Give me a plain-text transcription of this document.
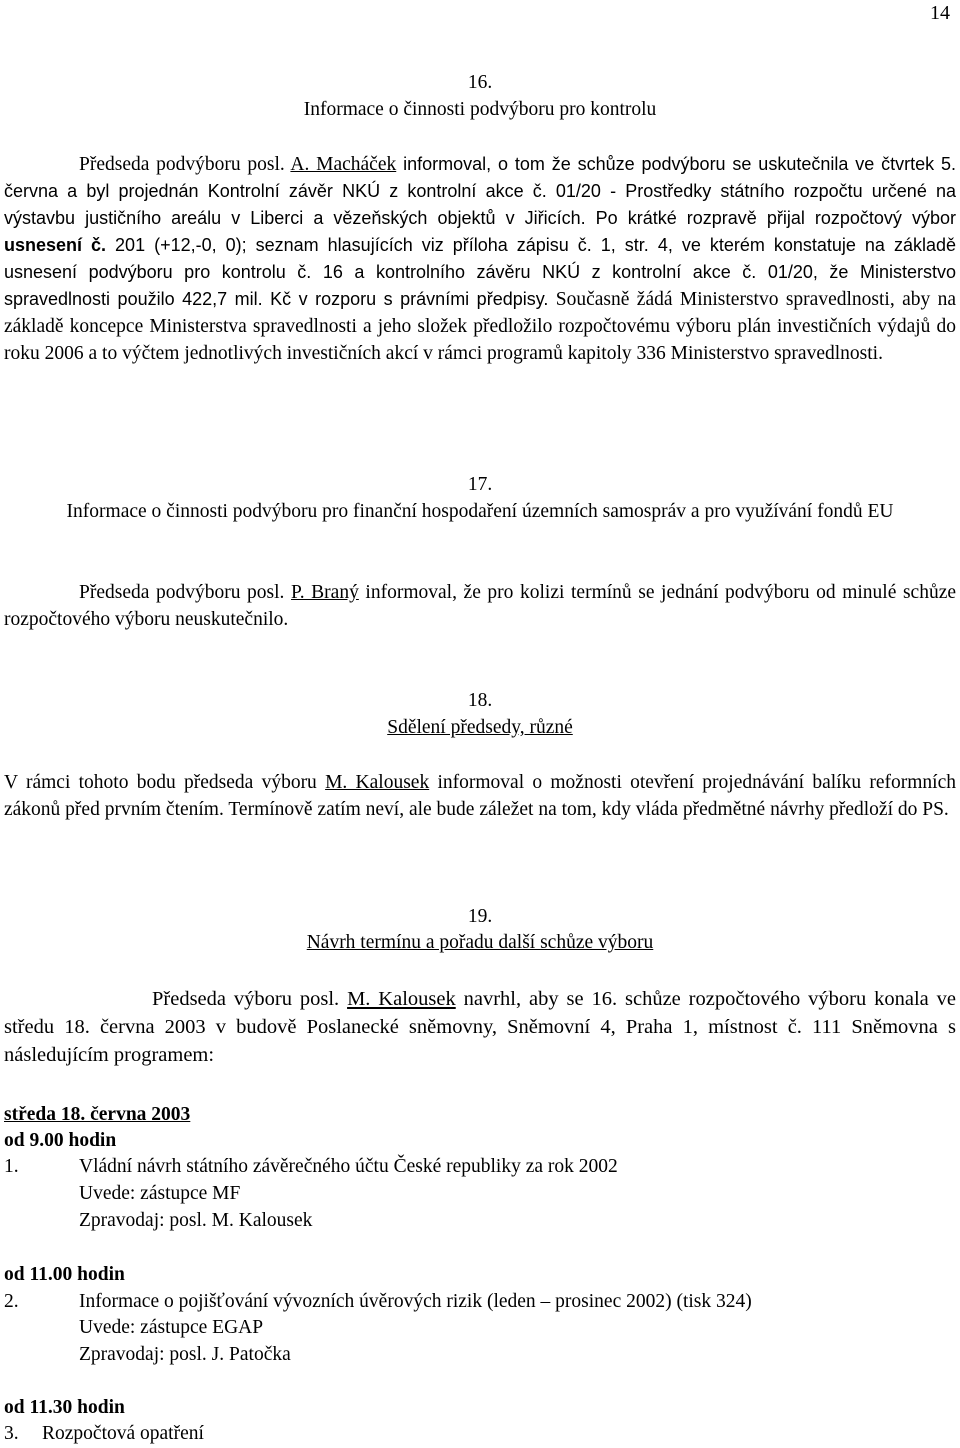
14
16.
Informace o činnosti podvýboru pro kontrolu

Předseda podvýboru posl. A. Macháček informoval, o tom že schůze podvýboru se uskutečnila ve čtvrtek 5. června a byl projednán Kontrolní závěr NKÚ z kontrolní akce č. 01/20 - Prostředky státního rozpočtu určené na výstavbu justičního areálu v Liberci a vězeňských objektů v Jiřicích. Po krátké rozpravě přijal rozpočtový výbor usnesení č. 201 (+12,-0, 0); seznam hlasujících viz příloha zápisu č. 1, str. 4, ve kterém konstatuje na základě usnesení podvýboru pro kontrolu č. 16 a kontrolního závěru NKÚ z kontrolní akce č. 01/20, že Ministerstvo spravedlnosti použilo 422,7 mil. Kč v rozporu s právními předpisy. Současně žádá Ministerstvo spravedlnosti, aby na základě koncepce Ministerstva spravedlnosti a jeho složek předložilo rozpočtovému výboru plán investičních výdajů do roku 2006 a to výčtem jednotlivých investičních akcí v rámci programů kapitoly 336 Ministerstvo spravedlnosti.

17.
Informace o činnosti podvýboru pro finanční hospodaření územních samospráv a pro využívání fondů EU

Předseda podvýboru posl. P. Braný informoval, že pro kolizi termínů se jednání podvýboru od minulé schůze rozpočtového výboru neuskutečnilo.

18.
Sdělení předsedy, různé

V rámci tohoto bodu předseda výboru M. Kalousek informoval o možnosti otevření projednávání balíku reformních zákonů před prvním čtením. Termínově zatím neví, ale bude záležet na tom, kdy vláda předmětné návrhy předloží do PS.

19.
Návrh termínu a pořadu další schůze výboru

Předseda výboru posl. M. Kalousek navrhl, aby se 16. schůze rozpočtového výboru konala ve středu 18. června 2003 v budově Poslanecké sněmovny, Sněmovní 4, Praha 1, místnost č. 111 Sněmovna s následujícím programem:

středa 18. června 2003
od 9.00 hodin
1.	Vládní návrh státního závěrečného účtu České republiky za rok 2002
Uvede: zástupce MF
Zpravodaj: posl. M. Kalousek
od 11.00 hodin
2.	Informace o pojišťování vývozních úvěrových rizik (leden – prosinec 2002) (tisk 324)
Uvede: zástupce EGAP
Zpravodaj: posl. J. Patočka
od 11.30 hodin
3. Rozpočtová opatření
